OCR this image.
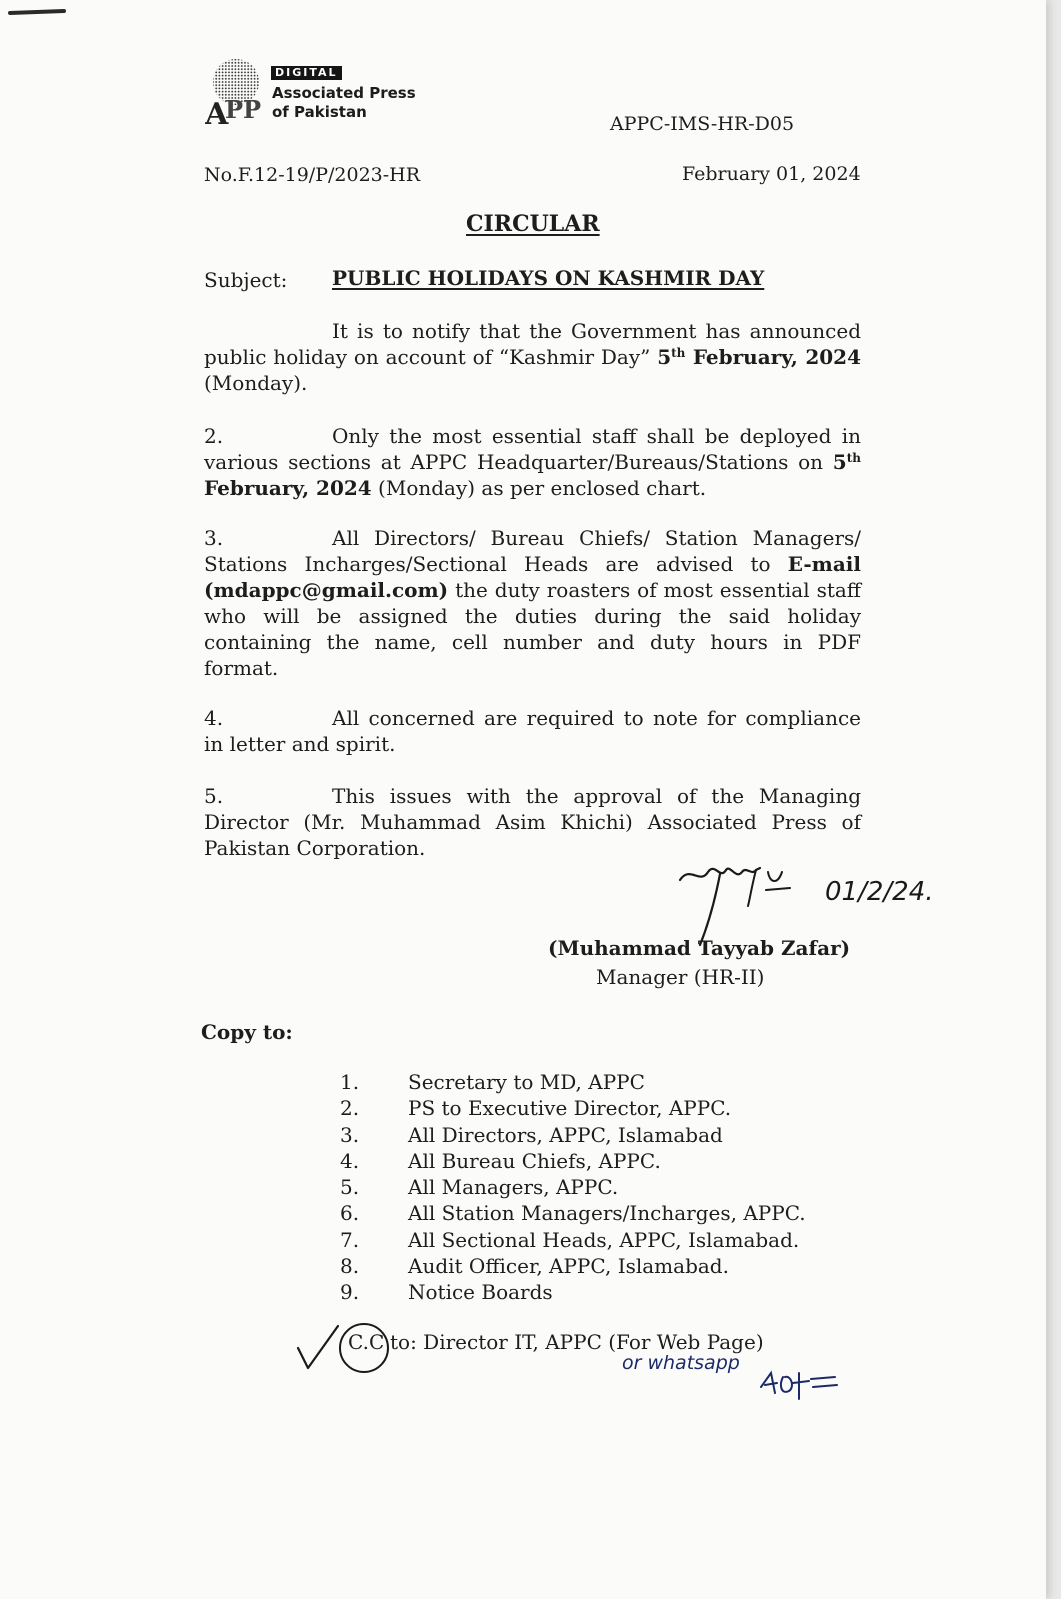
A
PP
DIGITAL
Associated Press
of Pakistan
APPC-IMS-HR-D05
No.F.12-19/P/2023-HR	February 01, 2024
CIRCULAR
Subject: PUBLIC HOLIDAYS ON KASHMIR DAY
It is to notify that the Government has announced public holiday on account of “Kashmir Day” 5th February, 2024 (Monday).
2.	Only the most essential staff shall be deployed in various sections at APPC Headquarter/Bureaus/Stations on 5th February, 2024 (Monday) as per enclosed chart.
3.	All Directors/ Bureau Chiefs/ Station Managers/ Stations Incharges/Sectional Heads are advised to E-mail (mdappc@gmail.com) the duty roasters of most essential staff who will be assigned the duties during the said holiday containing the name, cell number and duty hours in PDF format.
4.	All concerned are required to note for compliance in letter and spirit.
5.	This issues with the approval of the Managing Director (Mr. Muhammad Asim Khichi) Associated Press of Pakistan Corporation.
01/2/24.
(Muhammad Tayyab Zafar)
Manager (HR-II)
Copy to:
1. Secretary to MD, APPC
2. PS to Executive Director, APPC.
3. All Directors, APPC, Islamabad
4. All Bureau Chiefs, APPC.
5. All Managers, APPC.
6. All Station Managers/Incharges, APPC.
7. All Sectional Heads, APPC, Islamabad.
8. Audit Officer, APPC, Islamabad.
9. Notice Boards
C.C to: Director IT, APPC (For Web Page)
or whatsapp
